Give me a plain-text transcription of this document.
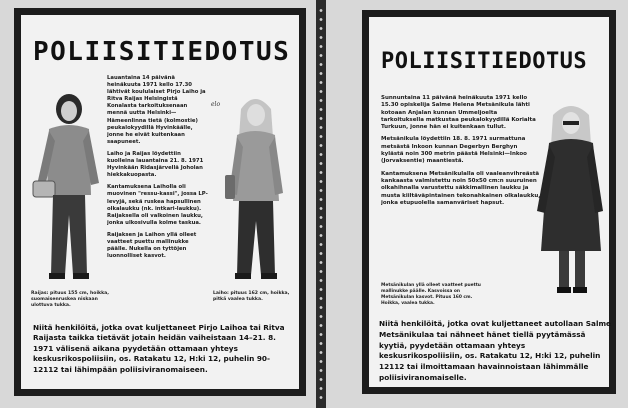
POLIISITIEDOTUS
elo

Lauantaina 14 päivänä heinäkuuta 1971 kello 17.30 lähtivät koululaiset Pirjo Laiho ja Ritva Raijas Helsingistä Konalasta tarkoituksenaan mennä uutta Helsinki—Hämeenlinna tietä (kolmostie) peukalokyydillä Hyvinkäälle, jonne he eivät kuitenkaan saapuneet.

Laiho ja Raijas löydettiin kuolleina lauantaina 21. 8. 1971 Hyvinkään Ridasjärvellä Joholan hiekkakuopasta.

Kantamuksena Laiholla oli muovinen "ressu-kassi", jossa LP-levyjä, sekä ruskea hapsullinen olkalaukku (nk. intkari-laukku). Raijaksella oli valkoinen laukku, jonka ulkosivulla kolme taskua.

Raijaksen ja Laihon yllä olleet vaatteet puettu mallinukke päälle. Nukella on tyttöjen luonnolliset kasvot.

Raijas: pituus 155 cm, hoikka, suomaisenruskea niskaan ulottuva tukka.
Laiho: pituus 162 cm, hoikka, pitkä vaalea tukka.
Niitä henkilöitä, jotka ovat kuljettaneet Pirjo Laihoa tai Ritva Raijasta taikka tietävät jotain heidän vaiheistaan 14–21. 8. 1971 välisenä aikana pyydetään ottamaan yhteys keskusrikospoliisiin, os. Ratakatu 12, H:ki 12, puhelin 90-12112 tai lähimpään poliisiviranomaiseen.
POLIISITIEDOTUS

Sunnuntaina 11 päivänä heinäkuuta 1971 kello 15.30 opiskelija Salme Helena Metsänikula lähti kotoaan Anjalan kunnan Ummeljoelta tarkoituksella matkustaa peukalokyydillä Korialta Turkuun, jonne hän ei kuitenkaan tullut.

Metsänikula löydettiin 18. 8. 1971 surmattuna metsästä Inkoon kunnan Degerbyn Berghyn kylästä noin 300 metrin päästä Helsinki—Inkoo (Jorvaksentie) maantiestä.

Kantamuksena Metsänikulalla oli vaaleanvihreästä kankaasta valmistettu noin 50x50 cm:n suuruinen olkahihnalla varustettu säkkimallinen laukku ja musta kiiltäväpintainen tekonahkainen olkalaukku, jonka etupuolella samanväriset hapsut.

Metsänikulan yllä olleet vaatteet puettu mallinukke päälle. Kasvoissa on Metsänikulan kasvot. Pituus 160 cm. Hoikka, vaalea tukka.
Niitä henkilöitä, jotka ovat kuljettaneet autollaan Salme Metsänikulaa tai nähneet hänet tiellä pyytämässä kyytiä, pyydetään ottamaan yhteys keskusrikospoliisiin, os. Ratakatu 12, H:ki 12, puhelin 12112 tai ilmoittamaan havainnoistaan lähimmälle poliisiviranomaiselle.
